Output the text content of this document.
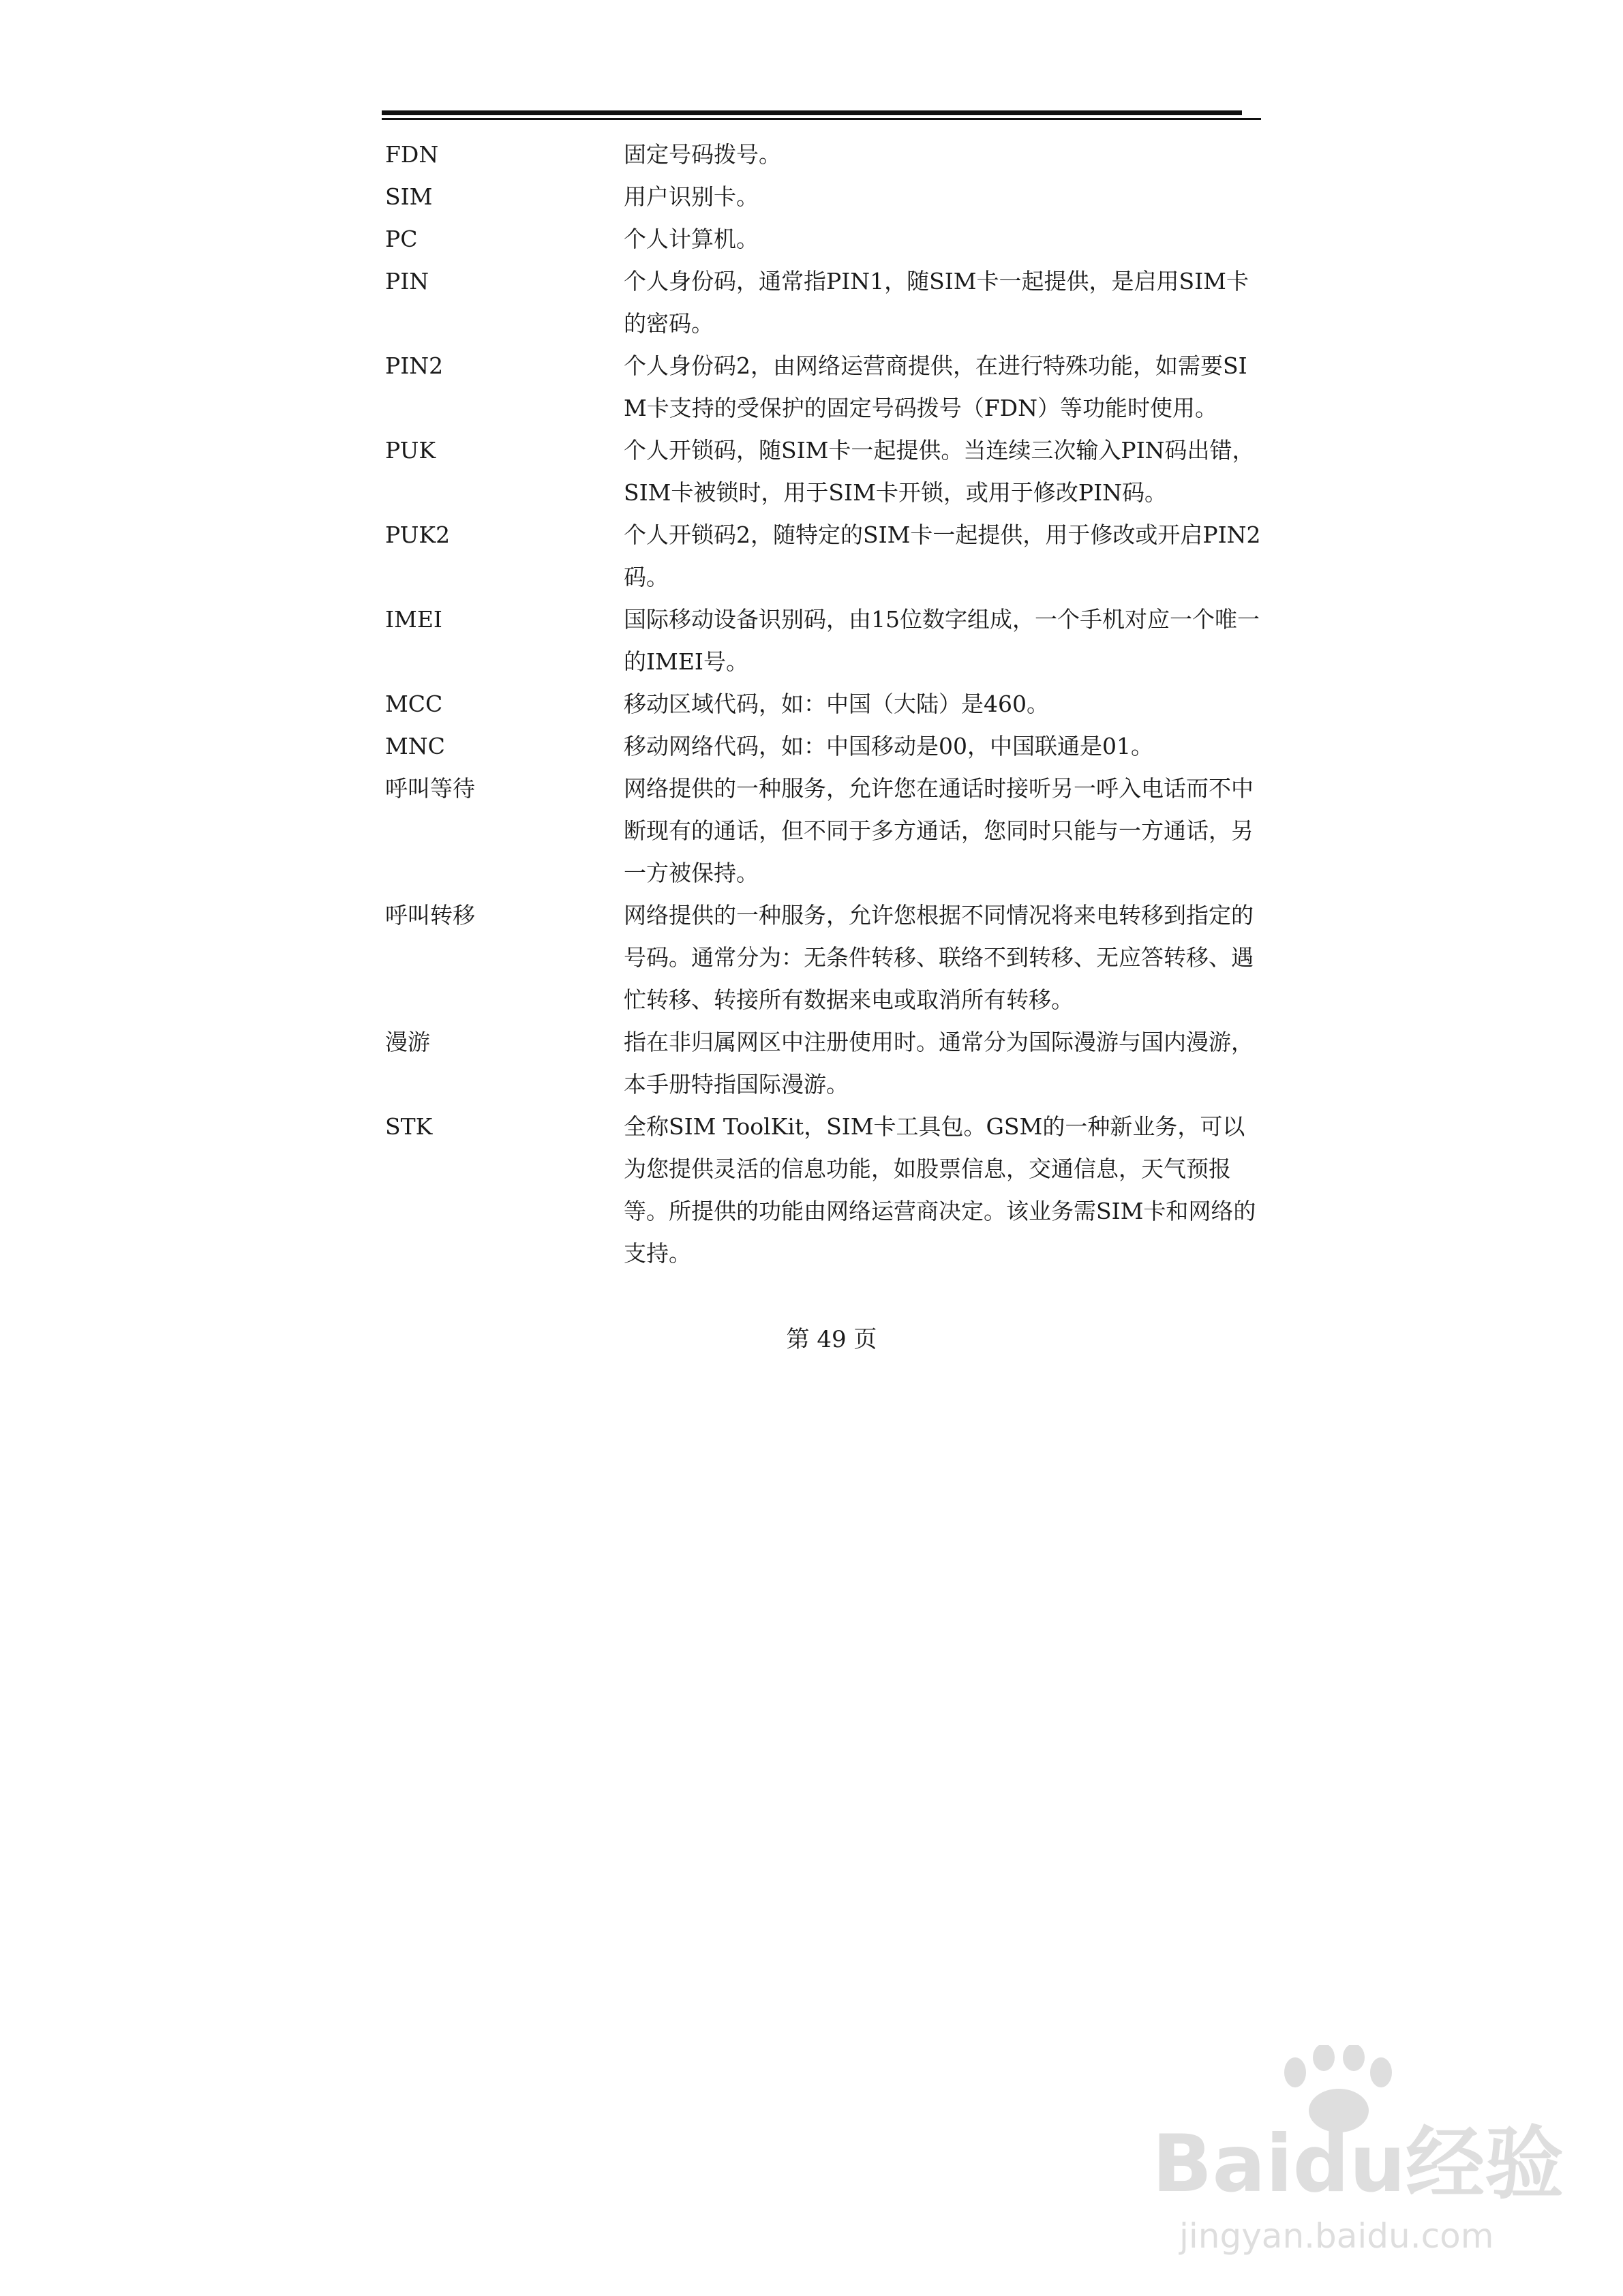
FDN	固定号码拨号。
SIM	用户识别卡。
PC	个人计算机。
PIN	个人身份码，通常指PIN1，随SIM卡一起提供，是启用SIM卡的密码。
PIN2	个人身份码2，由网络运营商提供，在进行特殊功能，如需要SIM卡支持的受保护的固定号码拨号（FDN）等功能时使用。
PUK	个人开锁码，随SIM卡一起提供。当连续三次输入PIN码出错，SIM卡被锁时，用于SIM卡开锁，或用于修改PIN码。
PUK2	个人开锁码2，随特定的SIM卡一起提供，用于修改或开启PIN2码。
IMEI	国际移动设备识别码，由15位数字组成，一个手机对应一个唯一的IMEI号。
MCC	移动区域代码，如：中国（大陆）是460。
MNC	移动网络代码，如：中国移动是00，中国联通是01。
呼叫等待	网络提供的一种服务，允许您在通话时接听另一呼入电话而不中断现有的通话，但不同于多方通话，您同时只能与一方通话，另一方被保持。
呼叫转移	网络提供的一种服务，允许您根据不同情况将来电转移到指定的号码。通常分为：无条件转移、联络不到转移、无应答转移、遇忙转移、转接所有数据来电或取消所有转移。
漫游	指在非归属网区中注册使用时。通常分为国际漫游与国内漫游，本手册特指国际漫游。
STK	全称SIM ToolKit，SIM卡工具包。GSM的一种新业务，可以为您提供灵活的信息功能，如股票信息，交通信息，天气预报等。所提供的功能由网络运营商决定。该业务需SIM卡和网络的支持。
第 49 页
Baidu经验
jingyan.baidu.com
